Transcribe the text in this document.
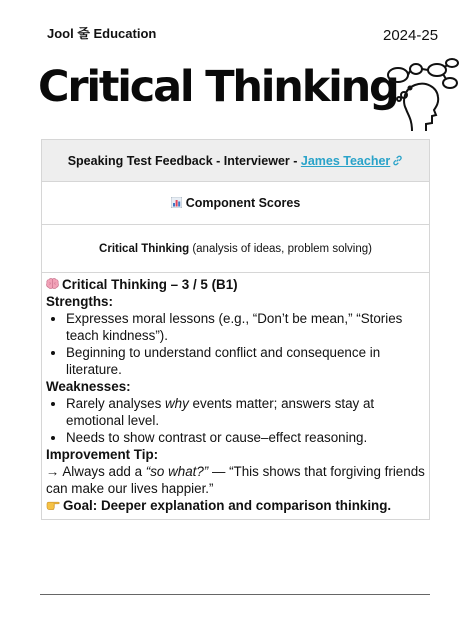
Jool 줄 Education	2024-25
Critical Thinking
Speaking Test Feedback - Interviewer - James Teacher
Component Scores
Critical Thinking (analysis of ideas, problem solving)

Critical Thinking – 3 / 5 (B1)
Strengths:
• Expresses moral lessons (e.g., “Don’t be mean,” “Stories teach kindness”).
• Beginning to understand conflict and consequence in literature.
Weaknesses:
• Rarely analyses why events matter; answers stay at emotional level.
• Needs to show contrast or cause–effect reasoning.
Improvement Tip:
→ Always add a “so what?” — “This shows that forgiving friends can make our lives happier.”
Goal: Deeper explanation and comparison thinking.
